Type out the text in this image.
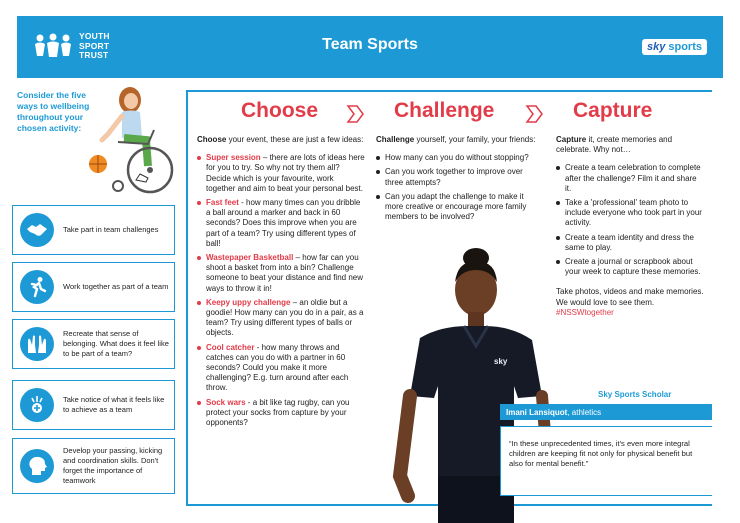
YOUTH
SPORT
TRUST
Team Sports	sky sports
Consider the five ways to wellbeing throughout your chosen activity:
Take part in team challenges
Work together as part of a team
Recreate that sense of belonging. What does it feel like to be part of a team?
Take notice of what it feels like to achieve as a team
Develop your passing, kicking and coordination skills. Don't forget the importance of teamwork
Choose	Challenge	Capture
Choose your event, these are just a few ideas:
Super session – there are lots of ideas here for you to try. So why not try them all? Decide which is your favourite, work together and aim to beat your personal best.
Fast feet - how many times can you dribble a ball around a marker and back in 60 seconds? Does this improve when you are part of a team? Try using different types of ball!
Wastepaper Basketball – how far can you shoot a basket from into a bin? Challenge someone to beat your distance and find new ways to throw it in!
Keepy uppy challenge – an oldie but a goodie! How many can you do in a pair, as a team? Try using different types of balls or objects.
Cool catcher - how many throws and catches can you do with a partner in 60 seconds? Could you make it more challenging? E.g. turn around after each throw.
Sock wars - a bit like tag rugby, can you protect your socks from capture by your opponents?
Challenge yourself, your family, your friends:
How many can you do without stopping?
Can you work together to improve over three attempts?
Can you adapt the challenge to make it more creative or encourage more family members to be involved?
Capture it, create memories and celebrate. Why not…
Create a team celebration to complete after the challenge? Film it and share it.
Take a 'professional' team photo to include everyone who took part in your activity.
Create a team identity and dress the same to play.
Create a journal or scrapbook about your week to capture these memories.
Take photos, videos and make memories. We would love to see them. #NSSWtogether
sky
Sky Sports Scholar
Imani Lansiquot, athletics
“In these unprecedented times, it's even more integral children are keeping fit not only for physical benefit but also for mental benefit.”
